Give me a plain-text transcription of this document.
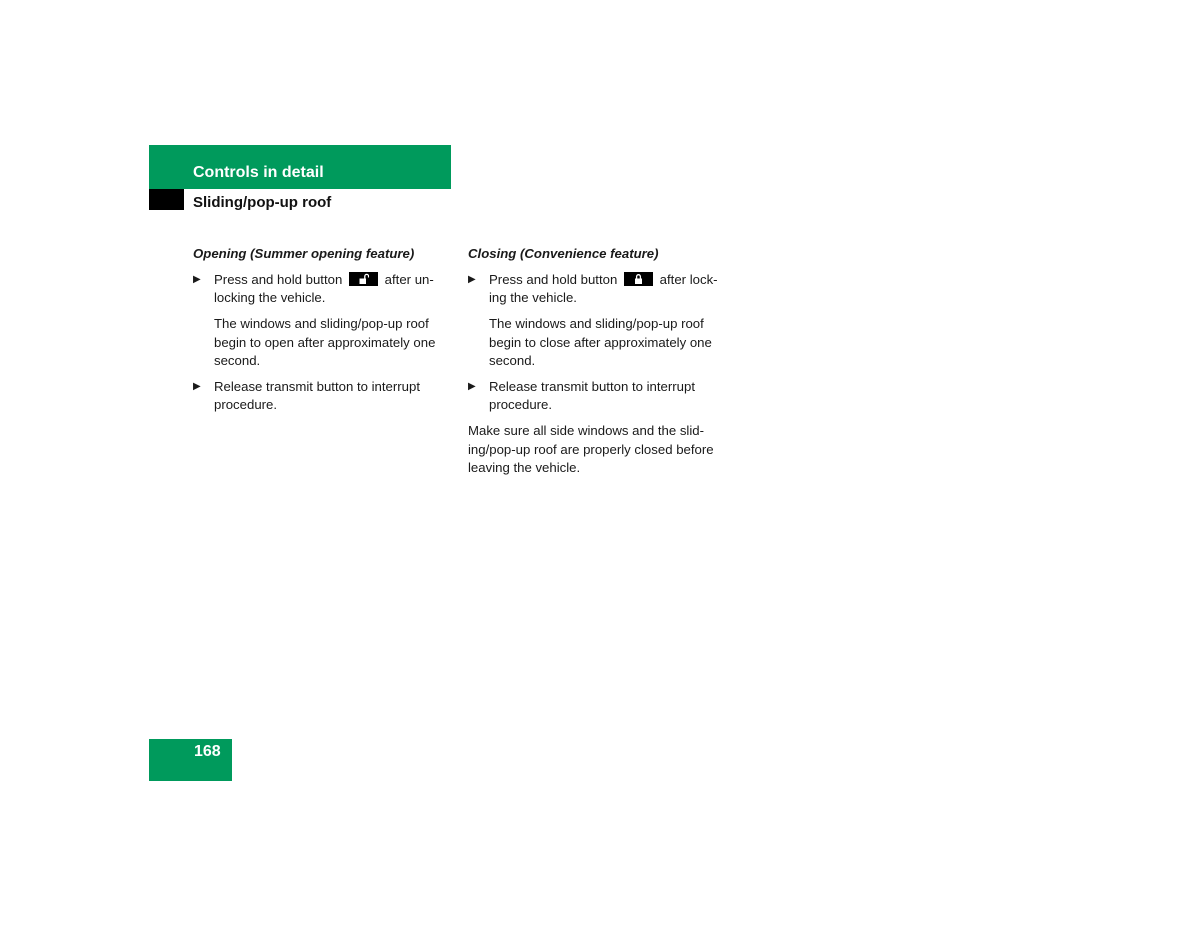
Controls in detail
Sliding/pop-up roof
Opening (Summer opening feature)
▶ Press and hold button	after un-locking the vehicle.
The windows and sliding/pop-up roof begin to open after approximately one second.
▶ Release transmit button to interrupt procedure.
Closing (Convenience feature)
▶ Press and hold button	after lock-ing the vehicle.
The windows and sliding/pop-up roof begin to close after approximately one second.
▶ Release transmit button to interrupt procedure.

Make sure all side windows and the slid-ing/pop-up roof are properly closed before leaving the vehicle.

168
